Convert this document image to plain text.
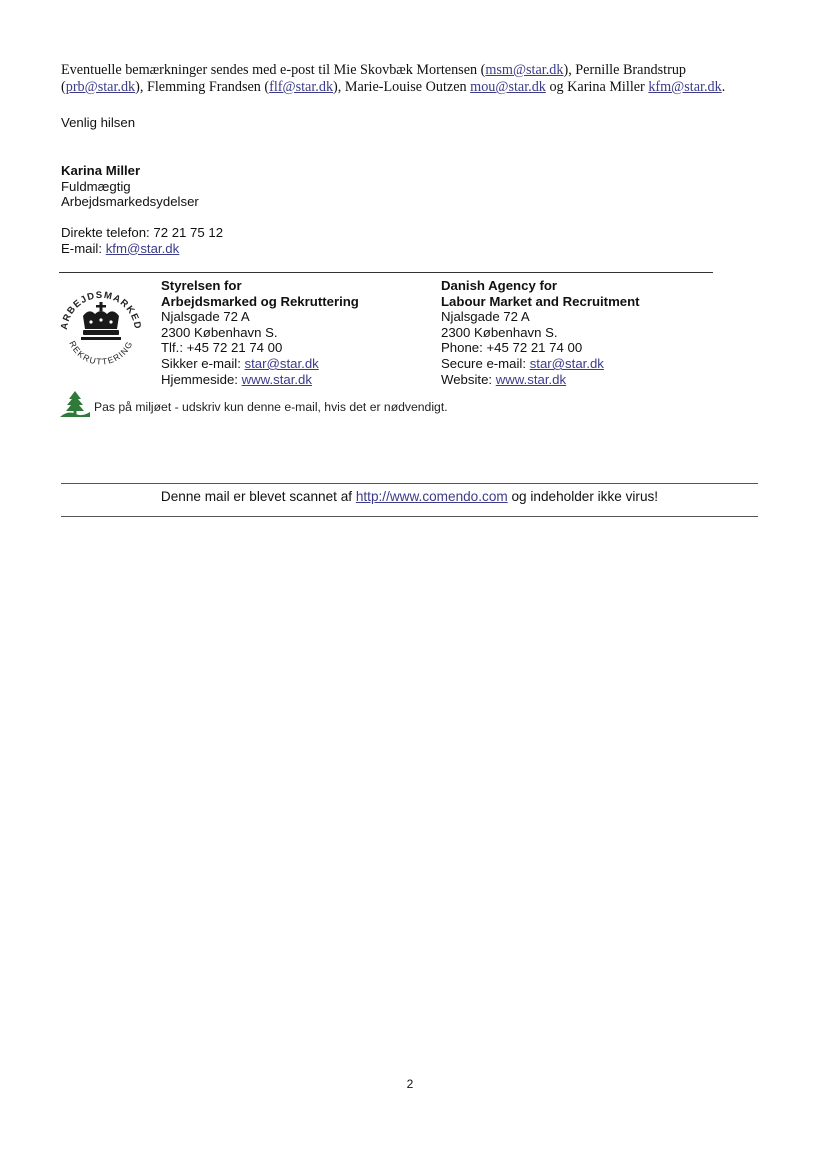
Eventuelle bemærkninger sendes med e-post til Mie Skovbæk Mortensen (msm@star.dk), Pernille Brandstrup
(prb@star.dk), Flemming Frandsen (flf@star.dk), Marie-Louise Outzen mou@star.dk og Karina Miller kfm@star.dk.
Venlig hilsen
Karina Miller
Fuldmægtig
Arbejdsmarkedsydelser
Direkte telefon: 72 21 75 12
E-mail: kfm@star.dk
ARBEJDSMARKED
REKRUTTERING
Styrelsen for
Arbejdsmarked og Rekruttering
Njalsgade 72 A
2300 København S.
Tlf.: +45 72 21 74 00
Sikker e-mail: star@star.dk
Hjemmeside: www.star.dk
Danish Agency for
Labour Market and Recruitment
Njalsgade 72 A
2300 København S.
Phone: +45 72 21 74 00
Secure e-mail: star@star.dk
Website: www.star.dk
Pas på miljøet - udskriv kun denne e-mail, hvis det er nødvendigt.
Denne mail er blevet scannet af http://www.comendo.com og indeholder ikke virus!
2
